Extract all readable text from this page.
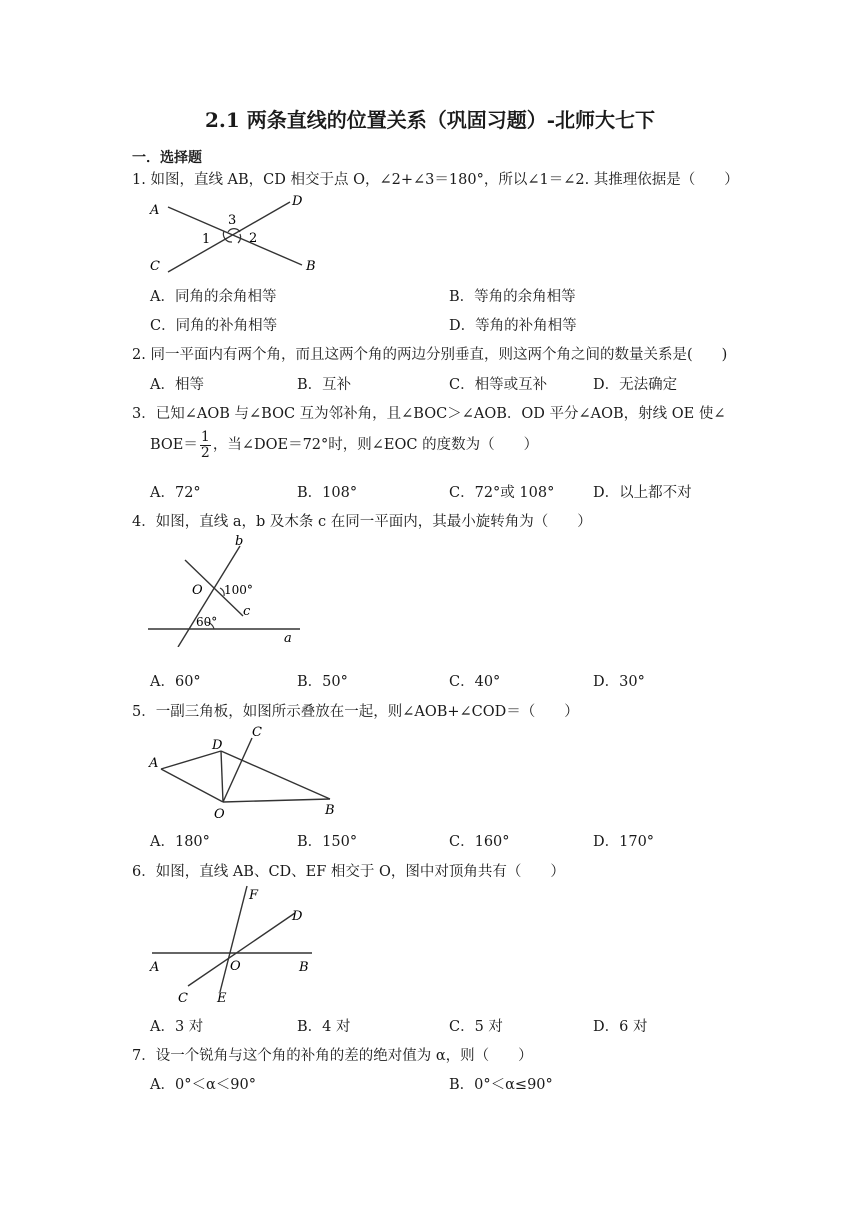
2.1 两条直线的位置关系（巩固习题）-北师大七下
一．选择题
1. 如图，直线 AB，CD 相交于点 O，∠2+∠3＝180°，所以∠1＝∠2. 其推理依据是（　　）
A
D
C	B
1	2
3
A．同角的余角相等	B．等角的余角相等
C．同角的补角相等	D．等角的补角相等
2. 同一平面内有两个角，而且这两个角的两边分别垂直，则这两个角之间的数量关系是(　　)
A．相等	B．互补	C．相等或互补	D．无法确定
3．已知∠AOB 与∠BOC 互为邻补角，且∠BOC＞∠AOB．OD 平分∠AOB，射线 OE 使∠
$BOE= \frac{1}{2}$ ，当∠DOE＝72°时，则∠EOC 的度数为（　　）
A．72°	B．108°	C．72°或 108°	D．以上都不对
4．如图，直线 a，b 及木条 c 在同一平面内，其最小旋转角为（　　）
b
O 100°
c
60°
a
A．60°	B．50°	C．40°	D．30°
5．一副三角板，如图所示叠放在一起，则∠AOB+∠COD＝（　　）
C
D
A
O	B
A．180°	B．150°	C．160°	D．170°
6．如图，直线 AB、CD、EF 相交于 O，图中对顶角共有（　　）
F
D
A	O	B
C E
A．3 对	B．4 对	C．5 对	D．6 对
7．设一个锐角与这个角的补角的差的绝对值为 α，则（　　）
A．0°＜α＜90°	B．0°＜α≤90°
